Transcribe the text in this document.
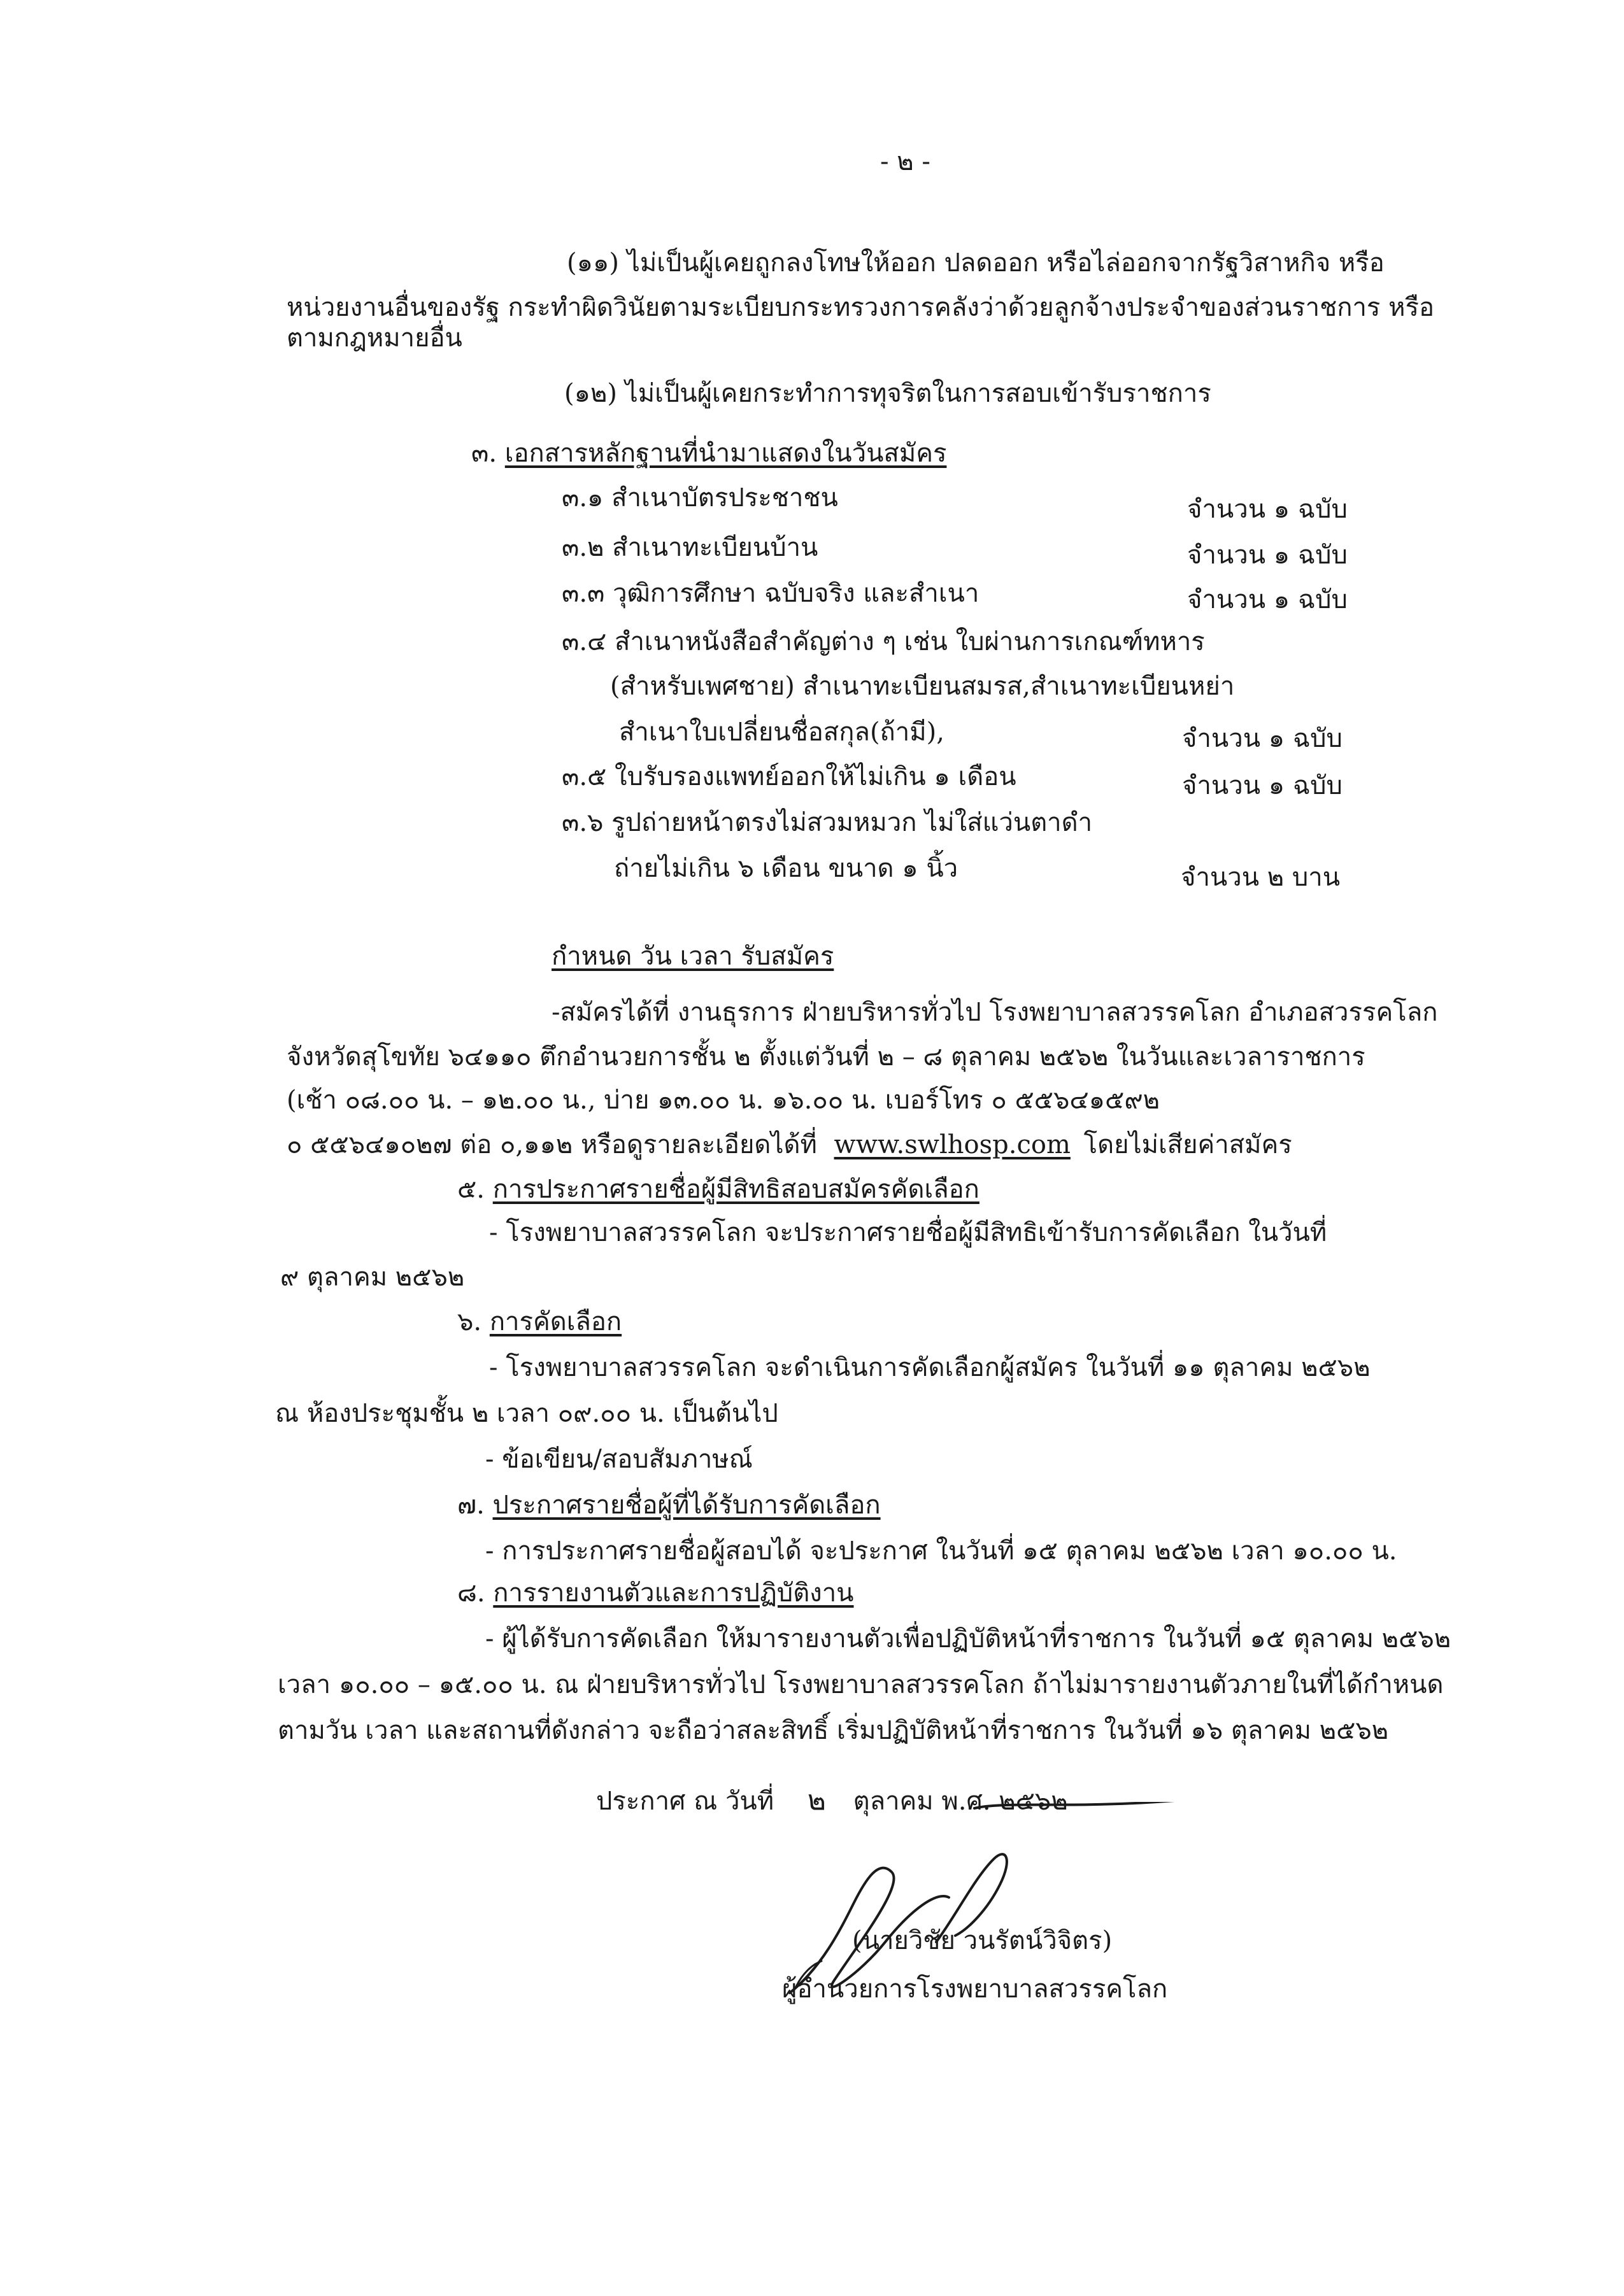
- ๒ -
(๑๑) ไม่เป็นผู้เคยถูกลงโทษให้ออก ปลดออก หรือไล่ออกจากรัฐวิสาหกิจ หรือ
หน่วยงานอื่นของรัฐ กระทำผิดวินัยตามระเบียบกระทรวงการคลังว่าด้วยลูกจ้างประจำของส่วนราชการ หรือ
ตามกฎหมายอื่น
(๑๒) ไม่เป็นผู้เคยกระทำการทุจริตในการสอบเข้ารับราชการ
๓. เอกสารหลักฐานที่นำมาแสดงในวันสมัคร
๓.๑ สำเนาบัตรประชาชน	จำนวน ๑ ฉบับ
๓.๒ สำเนาทะเบียนบ้าน	จำนวน ๑ ฉบับ
๓.๓ วุฒิการศึกษา ฉบับจริง และสำเนา	จำนวน ๑ ฉบับ
๓.๔ สำเนาหนังสือสำคัญต่าง ๆ เช่น ใบผ่านการเกณฑ์ทหาร
(สำหรับเพศชาย) สำเนาทะเบียนสมรส,สำเนาทะเบียนหย่า
สำเนาใบเปลี่ยนชื่อสกุล(ถ้ามี),	จำนวน ๑ ฉบับ
๓.๕ ใบรับรองแพทย์ออกให้ไม่เกิน ๑ เดือน	จำนวน ๑ ฉบับ
๓.๖ รูปถ่ายหน้าตรงไม่สวมหมวก ไม่ใส่แว่นตาดำ
ถ่ายไม่เกิน ๖ เดือน ขนาด ๑ นิ้ว	จำนวน ๒ บาน
กำหนด วัน เวลา รับสมัคร
-สมัครได้ที่ งานธุรการ ฝ่ายบริหารทั่วไป โรงพยาบาลสวรรคโลก อำเภอสวรรคโลก
จังหวัดสุโขทัย ๖๔๑๑๐ ตึกอำนวยการชั้น ๒ ตั้งแต่วันที่ ๒ – ๘ ตุลาคม ๒๕๖๒ ในวันและเวลาราชการ
(เช้า ๐๘.๐๐ น. – ๑๒.๐๐ น., บ่าย ๑๓.๐๐ น. ๑๖.๐๐ น. เบอร์โทร ๐ ๕๕๖๔๑๕๙๒
๐ ๕๕๖๔๑๐๒๗ ต่อ ๐,๑๑๒ หรือดูรายละเอียดได้ที่ www.swlhosp.com โดยไม่เสียค่าสมัคร
๕. การประกาศรายชื่อผู้มีสิทธิสอบสมัครคัดเลือก
- โรงพยาบาลสวรรคโลก จะประกาศรายชื่อผู้มีสิทธิเข้ารับการคัดเลือก ในวันที่
๙ ตุลาคม ๒๕๖๒
๖. การคัดเลือก
- โรงพยาบาลสวรรคโลก จะดำเนินการคัดเลือกผู้สมัคร ในวันที่ ๑๑ ตุลาคม ๒๕๖๒
ณ ห้องประชุมชั้น ๒ เวลา ๐๙.๐๐ น. เป็นต้นไป
- ข้อเขียน/สอบสัมภาษณ์
๗. ประกาศรายชื่อผู้ที่ได้รับการคัดเลือก
- การประกาศรายชื่อผู้สอบได้ จะประกาศ ในวันที่ ๑๕ ตุลาคม ๒๕๖๒ เวลา ๑๐.๐๐ น.
๘. การรายงานตัวและการปฏิบัติงาน
- ผู้ได้รับการคัดเลือก ให้มารายงานตัวเพื่อปฏิบัติหน้าที่ราชการ ในวันที่ ๑๕ ตุลาคม ๒๕๖๒
เวลา ๑๐.๐๐ – ๑๕.๐๐ น. ณ ฝ่ายบริหารทั่วไป โรงพยาบาลสวรรคโลก ถ้าไม่มารายงานตัวภายในที่ได้กำหนด
ตามวัน เวลา และสถานที่ดังกล่าว จะถือว่าสละสิทธิ์ เริ่มปฏิบัติหน้าที่ราชการ ในวันที่ ๑๖ ตุลาคม ๒๕๖๒
ประกาศ ณ วันที่ ๒ ตุลาคม พ.ศ. ๒๕๖๒
(นายวิชัย วนรัตน์วิจิตร)
ผู้อำนวยการโรงพยาบาลสวรรคโลก
